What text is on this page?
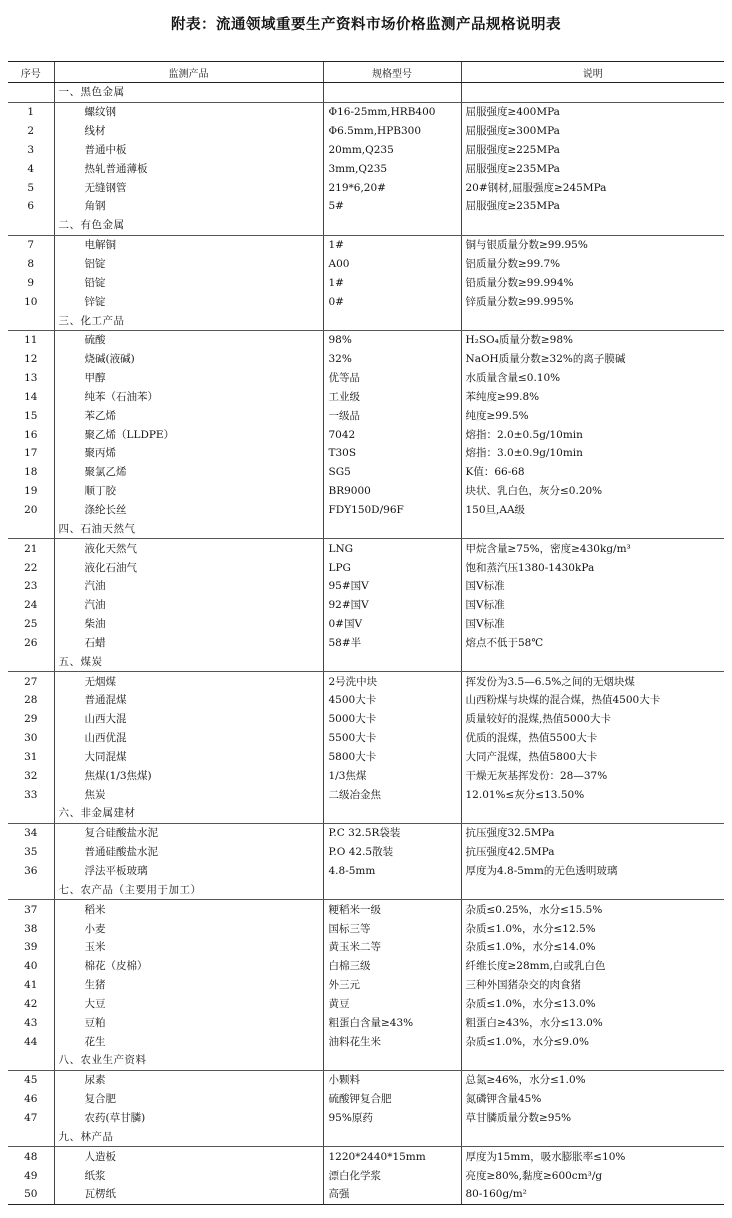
附表：流通领域重要生产资料市场价格监测产品规格说明表
序号	监测产品	规格型号	说明
	一、黑色金属		
1	螺纹钢	Φ16-25mm,HRB400	屈服强度≥400MPa
2	线材	Φ6.5mm,HPB300	屈服强度≥300MPa
3	普通中板	20mm,Q235	屈服强度≥225MPa
4	热轧普通薄板	3mm,Q235	屈服强度≥235MPa
5	无缝钢管	219*6,20#	20#钢材,屈服强度≥245MPa
6	角钢	5#	屈服强度≥235MPa
	二、有色金属		
7	电解铜	1#	铜与银质量分数≥99.95%
8	铝锭	A00	铝质量分数≥99.7%
9	铅锭	1#	铅质量分数≥99.994%
10	锌锭	0#	锌质量分数≥99.995%
	三、化工产品		
11	硫酸	98%	H₂SO₄质量分数≥98%
12	烧碱(液碱)	32%	NaOH质量分数≥32%的离子膜碱
13	甲醇	优等品	水质量含量≤0.10%
14	纯苯（石油苯）	工业级	苯纯度≥99.8%
15	苯乙烯	一级品	纯度≥99.5%
16	聚乙烯（LLDPE）	7042	熔指：2.0±0.5g/10min
17	聚丙烯	T30S	熔指：3.0±0.9g/10min
18	聚氯乙烯	SG5	K值：66-68
19	顺丁胶	BR9000	块状、乳白色，灰分≤0.20%
20	涤纶长丝	FDY150D/96F	150旦,AA级
	四、石油天然气		
21	液化天然气	LNG	甲烷含量≥75%，密度≥430kg/m³
22	液化石油气	LPG	饱和蒸汽压1380-1430kPa
23	汽油	95#国Ⅴ	国Ⅴ标准
24	汽油	92#国Ⅴ	国Ⅴ标准
25	柴油	0#国Ⅴ	国Ⅴ标准
26	石蜡	58#半	熔点不低于58℃
	五、煤炭		
27	无烟煤	2号洗中块	挥发份为3.5—6.5%之间的无烟块煤
28	普通混煤	4500大卡	山西粉煤与块煤的混合煤，热值4500大卡
29	山西大混	5000大卡	质量较好的混煤,热值5000大卡
30	山西优混	5500大卡	优质的混煤，热值5500大卡
31	大同混煤	5800大卡	大同产混煤，热值5800大卡
32	焦煤(1/3焦煤)	1/3焦煤	干燥无灰基挥发份：28—37%
33	焦炭	二级冶金焦	12.01%≤灰分≤13.50%
	六、非金属建材		
34	复合硅酸盐水泥	P.C 32.5R袋装	抗压强度32.5MPa
35	普通硅酸盐水泥	P.O 42.5散装	抗压强度42.5MPa
36	浮法平板玻璃	4.8-5mm	厚度为4.8-5mm的无色透明玻璃
	七、农产品（主要用于加工）		
37	稻米	粳稻米一级	杂质≤0.25%，水分≤15.5%
38	小麦	国标三等	杂质≤1.0%，水分≤12.5%
39	玉米	黄玉米二等	杂质≤1.0%，水分≤14.0%
40	棉花（皮棉）	白棉三级	纤维长度≥28mm,白或乳白色
41	生猪	外三元	三种外国猪杂交的肉食猪
42	大豆	黄豆	杂质≤1.0%，水分≤13.0%
43	豆粕	粗蛋白含量≥43%	粗蛋白≥43%，水分≤13.0%
44	花生	油料花生米	杂质≤1.0%，水分≤9.0%
	八、农业生产资料		
45	尿素	小颗料	总氮≥46%，水分≤1.0%
46	复合肥	硫酸钾复合肥	氮磷钾含量45%
47	农药(草甘膦)	95%原药	草甘膦质量分数≥95%
	九、林产品		
48	人造板	1220*2440*15mm	厚度为15mm，吸水膨胀率≤10%
49	纸浆	漂白化学浆	亮度≥80%,黏度≥600cm³/g
50	瓦楞纸	高强	80-160g/m²
